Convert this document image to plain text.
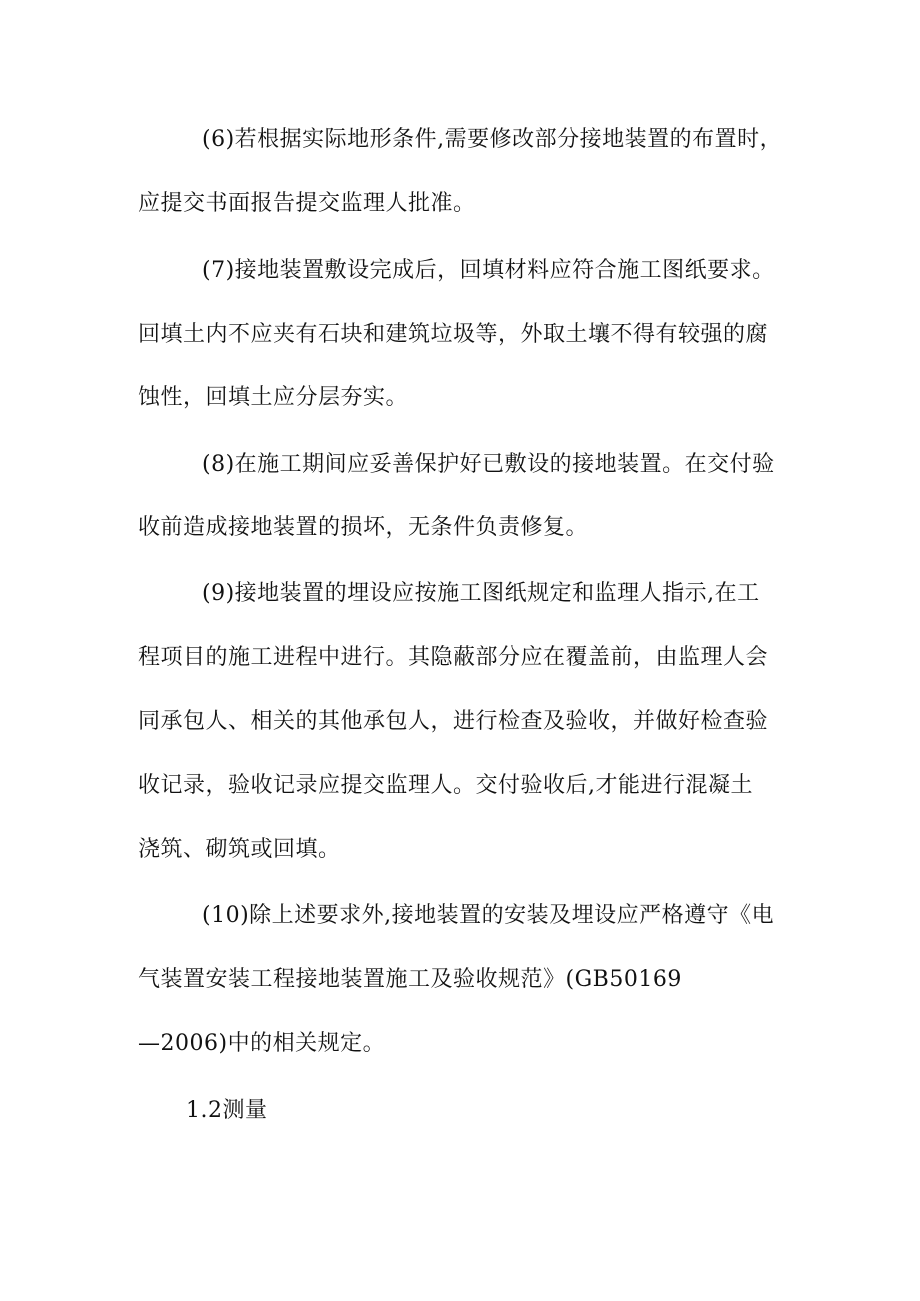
(6)若根据实际地形条件,需要修改部分接地装置的布置时，
应提交书面报告提交监理人批准。
(7)接地装置敷设完成后，回填材料应符合施工图纸要求。
回填土内不应夹有石块和建筑垃圾等，外取土壤不得有较强的腐
蚀性，回填土应分层夯实。
(8)在施工期间应妥善保护好已敷设的接地装置。在交付验
收前造成接地装置的损坏，无条件负责修复。
(9)接地装置的埋设应按施工图纸规定和监理人指示,在工
程项目的施工进程中进行。其隐蔽部分应在覆盖前，由监理人会
同承包人、相关的其他承包人，进行检查及验收，并做好检查验
收记录，验收记录应提交监理人。交付验收后,才能进行混凝土
浇筑、砌筑或回填。
(10)除上述要求外,接地装置的安装及埋设应严格遵守《电
气装置安装工程接地装置施工及验收规范》(GB50169
—2006)中的相关规定。
1.2测量
